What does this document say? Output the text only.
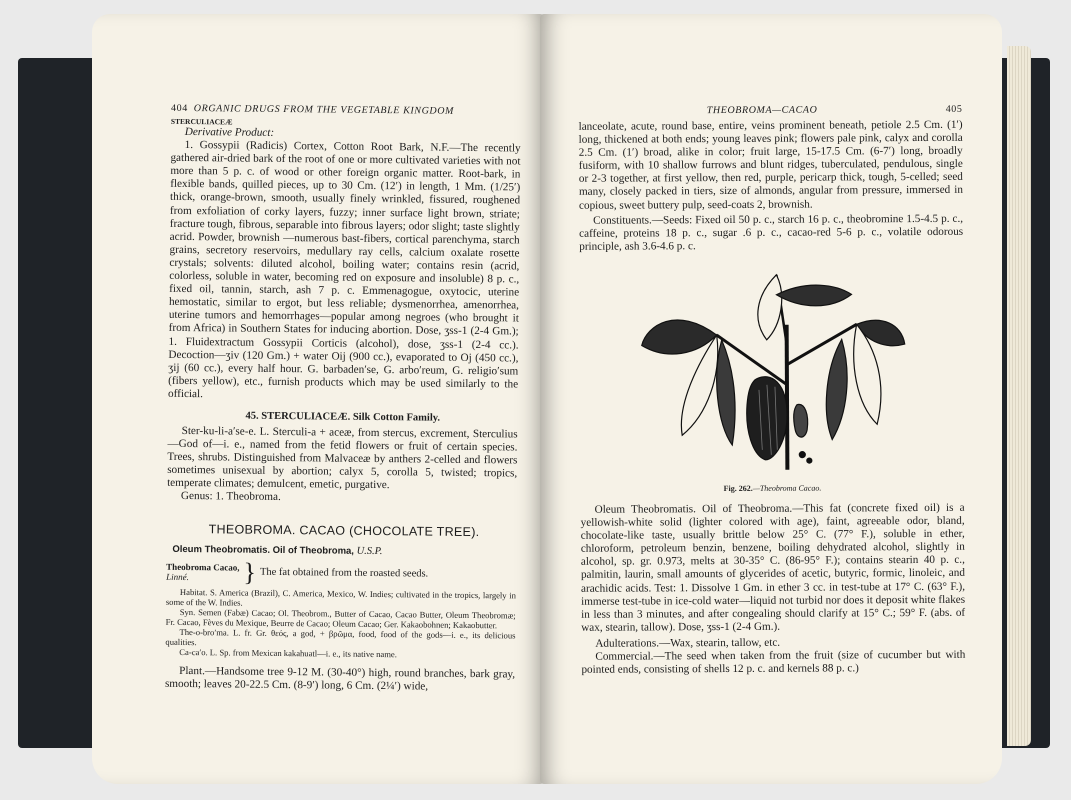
404 ORGANIC DRUGS FROM THE VEGETABLE KINGDOM
STERCULIACEÆ

Derivative Product:

1. Gossypii (Radicis) Cortex, Cotton Root Bark, N.F.—The recently gathered air-dried bark of the root of one or more cultivated varieties with not more than 5 p. c. of wood or other foreign organic matter. Root-bark, in flexible bands, quilled pieces, up to 30 Cm. (12′) in length, 1 Mm. (1/25′) thick, orange-brown, smooth, usually finely wrinkled, fissured, roughened from exfoliation of corky layers, fuzzy; inner surface light brown, striate; fracture tough, fibrous, separable into fibrous layers; odor slight; taste slightly acrid. Powder, brownish —numerous bast-fibers, cortical parenchyma, starch grains, secretory reservoirs, medullary ray cells, calcium oxalate rosette crystals; solvents: diluted alcohol, boiling water; contains resin (acrid, colorless, soluble in water, becoming red on exposure and insoluble) 8 p. c., fixed oil, tannin, starch, ash 7 p. c. Emmenagogue, oxytocic, uterine hemostatic, similar to ergot, but less reliable; dysmenorrhea, amenorrhea, uterine tumors and hemorrhages—popular among negroes (who brought it from Africa) in Southern States for inducing abortion. Dose, ʒss-1 (2-4 Gm.); 1. Fluidextractum Gossypii Corticis (alcohol), dose, ʒss-1 (2-4 cc.). Decoction—ʒiv (120 Gm.) + water Oij (900 cc.), evaporated to Oj (450 cc.), ʒij (60 cc.), every half hour. G. barbaden′se, G. arbo′reum, G. religio′sum (fibers yellow), etc., furnish products which may be used similarly to the official.

45. STERCULIACEÆ. Silk Cotton Family.

Ster-ku-li-a′se-e. L. Sterculi-a + aceæ, from stercus, excrement, Sterculius—God of—i. e., named from the fetid flowers or fruit of certain species. Trees, shrubs. Distinguished from Malvaceæ by anthers 2-celled and flowers sometimes unisexual by abortion; calyx 5, corolla 5, twisted; tropics, temperate climates; demulcent, emetic, purgative.

Genus: 1. Theobroma.

THEOBROMA. CACAO (CHOCOLATE TREE).
Oleum Theobromatis. Oil of Theobroma, U.S.P.
Theobroma Cacao,
Linné.	} The fat obtained from the roasted seeds.

Habitat. S. America (Brazil), C. America, Mexico, W. Indies; cultivated in the tropics, largely in some of the W. Indies.

Syn. Semen (Fabæ) Cacao; Ol. Theobrom., Butter of Cacao, Cacao Butter, Oleum Theobromæ; Fr. Cacao, Fèves du Mexique, Beurre de Cacao; Oleum Cacao; Ger. Kakaobohnen; Kakaobutter.

The-o-bro′ma. L. fr. Gr. θεός, a god, + βρῶμα, food, food of the gods—i. e., its delicious qualities.

Ca-ca′o. L. Sp. from Mexican kakahuatl—i. e., its native name.

Plant.—Handsome tree 9-12 M. (30-40°) high, round branches, bark gray, smooth; leaves 20-22.5 Cm. (8-9′) long, 6 Cm. (2¼′) wide,

THEOBROMA—CACAO	405

lanceolate, acute, round base, entire, veins prominent beneath, petiole 2.5 Cm. (1′) long, thickened at both ends; young leaves pink; flowers pale pink, calyx and corolla 2.5 Cm. (1′) broad, alike in color; fruit large, 15-17.5 Cm. (6-7′) long, broadly fusiform, with 10 shallow furrows and blunt ridges, tuberculated, pendulous, single or 2-3 together, at first yellow, then red, purple, pericarp thick, tough, 5-celled; seed many, closely packed in tiers, size of almonds, angular from pressure, immersed in copious, sweet buttery pulp, seed-coats 2, brownish.

Constituents.—Seeds: Fixed oil 50 p. c., starch 16 p. c., theobromine 1.5-4.5 p. c., caffeine, proteins 18 p. c., sugar .6 p. c., cacao-red 5-6 p. c., volatile odorous principle, ash 3.6-4.6 p. c.

Fig. 262.—Theobroma Cacao.

Oleum Theobromatis. Oil of Theobroma.—This fat (concrete fixed oil) is a yellowish-white solid (lighter colored with age), faint, agreeable odor, bland, chocolate-like taste, usually brittle below 25° C. (77° F.), soluble in ether, chloroform, petroleum benzin, benzene, boiling dehydrated alcohol, slightly in alcohol, sp. gr. 0.973, melts at 30-35° C. (86-95° F.); contains stearin 40 p. c., palmitin, laurin, small amounts of glycerides of acetic, butyric, formic, linoleic, and arachidic acids. Test: 1. Dissolve 1 Gm. in ether 3 cc. in test-tube at 17° C. (63° F.), immerse test-tube in ice-cold water—liquid not turbid nor does it deposit white flakes in less than 3 minutes, and after congealing should clarify at 15° C.; 59° F. (abs. of wax, stearin, tallow). Dose, ʒss-1 (2-4 Gm.).

Adulterations.—Wax, stearin, tallow, etc.

Commercial.—The seed when taken from the fruit (size of cucumber but with pointed ends, consisting of shells 12 p. c. and kernels 88 p. c.)
